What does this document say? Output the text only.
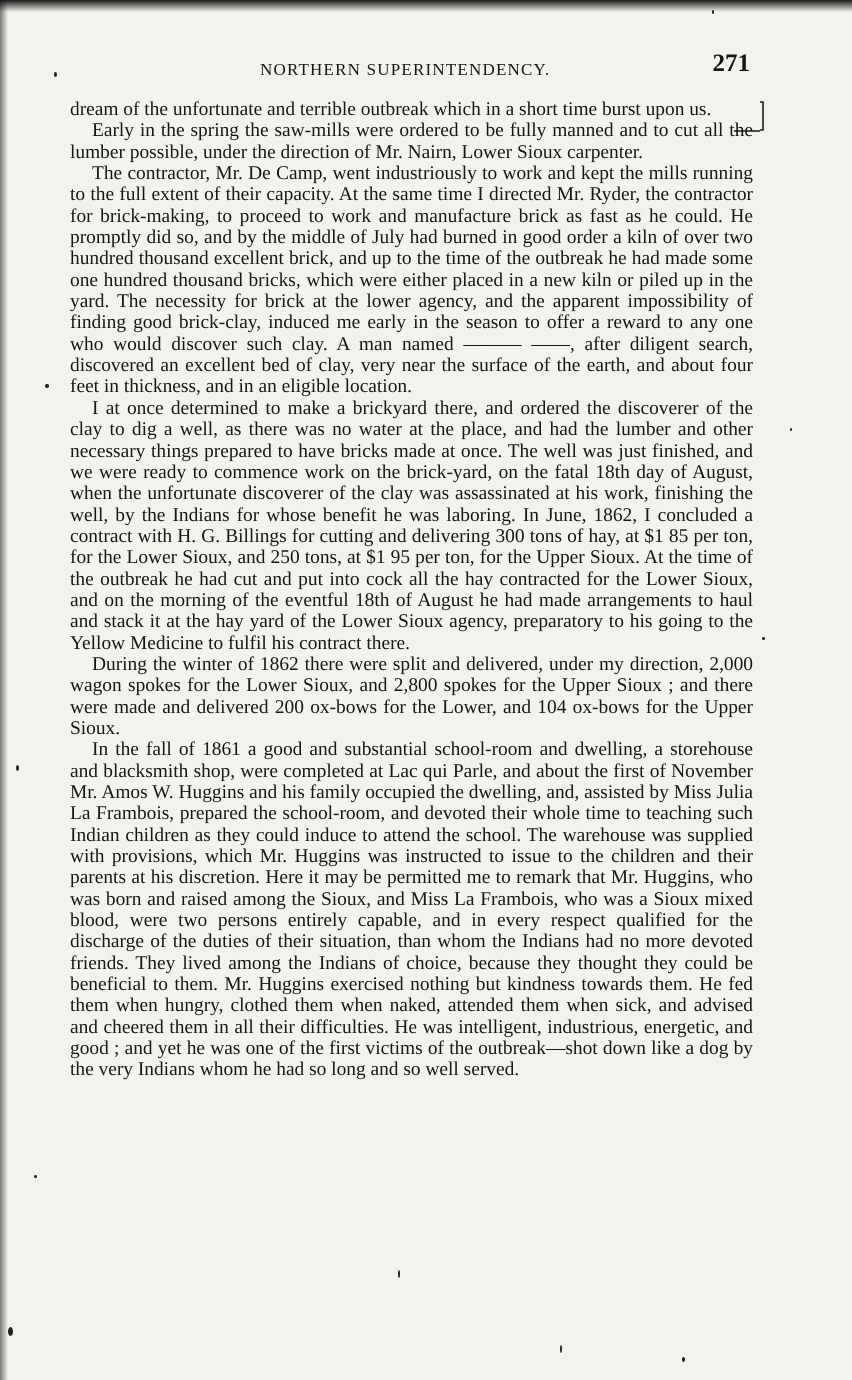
NORTHERN SUPERINTENDENCY.	271

dream of the unfortunate and terrible outbreak which in a short time burst upon us.

Early in the spring the saw-mills were ordered to be fully manned and to cut all the lumber possible, under the direction of Mr. Nairn, Lower Sioux carpenter.

The contractor, Mr. De Camp, went industriously to work and kept the mills running to the full extent of their capacity. At the same time I directed Mr. Ryder, the contractor for brick-making, to proceed to work and manufacture brick as fast as he could. He promptly did so, and by the middle of July had burned in good order a kiln of over two hundred thousand excellent brick, and up to the time of the outbreak he had made some one hundred thousand bricks, which were either placed in a new kiln or piled up in the yard. The necessity for brick at the lower agency, and the apparent impossibility of finding good brick-clay, induced me early in the season to offer a reward to any one who would discover such clay. A man named ——— ——, after diligent search, discovered an excellent bed of clay, very near the surface of the earth, and about four feet in thickness, and in an eligible location.

I at once determined to make a brickyard there, and ordered the discoverer of the clay to dig a well, as there was no water at the place, and had the lumber and other necessary things prepared to have bricks made at once. The well was just finished, and we were ready to commence work on the brick-yard, on the fatal 18th day of August, when the unfortunate discoverer of the clay was assassinated at his work, finishing the well, by the Indians for whose benefit he was laboring. In June, 1862, I concluded a contract with H. G. Billings for cutting and delivering 300 tons of hay, at $1 85 per ton, for the Lower Sioux, and 250 tons, at $1 95 per ton, for the Upper Sioux. At the time of the outbreak he had cut and put into cock all the hay contracted for the Lower Sioux, and on the morning of the eventful 18th of August he had made arrangements to haul and stack it at the hay yard of the Lower Sioux agency, preparatory to his going to the Yellow Medicine to fulfil his contract there.

During the winter of 1862 there were split and delivered, under my direction, 2,000 wagon spokes for the Lower Sioux, and 2,800 spokes for the Upper Sioux ; and there were made and delivered 200 ox-bows for the Lower, and 104 ox-bows for the Upper Sioux.

In the fall of 1861 a good and substantial school-room and dwelling, a storehouse and blacksmith shop, were completed at Lac qui Parle, and about the first of November Mr. Amos W. Huggins and his family occupied the dwelling, and, assisted by Miss Julia La Frambois, prepared the school-room, and devoted their whole time to teaching such Indian children as they could induce to attend the school. The warehouse was supplied with provisions, which Mr. Huggins was instructed to issue to the children and their parents at his discretion. Here it may be permitted me to remark that Mr. Huggins, who was born and raised among the Sioux, and Miss La Frambois, who was a Sioux mixed blood, were two persons entirely capable, and in every respect qualified for the discharge of the duties of their situation, than whom the Indians had no more devoted friends. They lived among the Indians of choice, because they thought they could be beneficial to them. Mr. Huggins exercised nothing but kindness towards them. He fed them when hungry, clothed them when naked, attended them when sick, and advised and cheered them in all their difficulties. He was intelligent, industrious, energetic, and good ; and yet he was one of the first victims of the outbreak—shot down like a dog by the very Indians whom he had so long and so well served.
